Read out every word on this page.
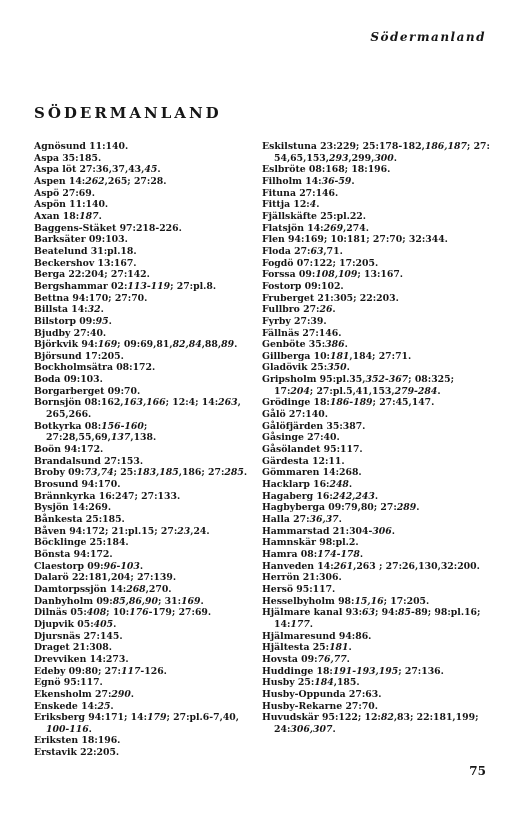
Södermanland
SÖDERMANLAND
Agnösund 11:140.
Aspa 35:185.
Aspa löt 27:36,37,43,45.
Aspen 14:262,265; 27:28.
Aspö 27:69.
Aspön 11:140.
Axan 18:187.
Baggens-Stäket 97:218-226.
Barksäter 09:103.
Beatelund 31:pl.18.
Beckershov 13:167.
Berga 22:204; 27:142.
Bergshammar 02:113-119; 27:pl.8.
Bettna 94:170; 27:70.
Billsta 14:32.
Bilstorp 09:95.
Bjudby 27:40.
Björkvik 94:169; 09:69,81,82,84,88,89.
Björsund 17:205.
Bockholmsätra 08:172.
Boda 09:103.
Borgarberget 09:70.
Bornsjön 08:162,163,166; 12:4; 14:263, 265,266.
Botkyrka 08:156-160; 27:28,55,69,137,138.
Boön 94:172.
Brandalsund 27:153.
Broby 09:73,74; 25:183,185,186; 27:285.
Brosund 94:170.
Brännkyrka 16:247; 27:133.
Bysjön 14:269.
Bånkesta 25:185.
Båven 94:172; 21:pl.15; 27:23,24.
Böcklinge 25:184.
Bönsta 94:172.
Claestorp 09:96-103.
Dalarö 22:181,204; 27:139.
Damtorpssjön 14:268,270.
Danbyholm 09:85,86,90; 31:169.
Dilnäs 05:408; 10:176-179; 27:69.
Djupvik 05:405.
Djursnäs 27:145.
Draget 21:308.
Drevviken 14:273.
Edeby 09:80; 27:117-126.
Egnö 95:117.
Ekensholm 27:290.
Enskede 14:25.
Eriksberg 94:171; 14:179; 27:pl.6-7,40, 100-116.
Eriksten 18:196.
Erstavik 22:205.
Eskilstuna 23:229; 25:178-182,186,187; 27: 54,65,153,293,299,300.
Eslbröte 08:168; 18:196.
Filholm 14:36-59.
Fituna 27:146.
Fittja 12:4.
Fjällskäfte 25:pl.22.
Flatsjön 14:269,274.
Flen 94:169; 10:181; 27:70; 32:344.
Floda 27:63,71.
Fogdö 07:122; 17:205.
Forssa 09:108,109; 13:167.
Fostorp 09:102.
Fruberget 21:305; 22:203.
Fullbro 27:26.
Fyrby 27:39.
Fällnäs 27:146.
Genböte 35:386.
Gillberga 10:181,184; 27:71.
Gladövik 25:350.
Gripsholm 95:pl.35,352-367; 08:325; 17:204; 27:pl.5,41,153,279-284.
Grödinge 18:186-189; 27:45,147.
Gålö 27:140.
Gålöfjärden 35:387.
Gåsinge 27:40.
Gåsölandet 95:117.
Gärdesta 12:11.
Gömmaren 14:268.
Hacklarp 16:248.
Hagaberg 16:242,243.
Hagbyberga 09:79,80; 27:289.
Halla 27:36,37.
Hammarstad 21:304-306.
Hamnskär 98:pl.2.
Hamra 08:174-178.
Hanveden 14:261,263 ; 27:26,130,32:200.
Herrön 21:306.
Hersö 95:117.
Hesselbyholm 98:15,16; 17:205.
Hjälmare kanal 93:63; 94:85-89; 98:pl.16; 14:177.
Hjälmaresund 94:86.
Hjältesta 25:181.
Hovsta 09:76,77.
Huddinge 18:191-193,195; 27:136.
Husby 25:184,185.
Husby-Oppunda 27:63.
Husby-Rekarne 27:70.
Huvudskär 95:122; 12:82,83; 22:181,199; 24:306,307.
75
